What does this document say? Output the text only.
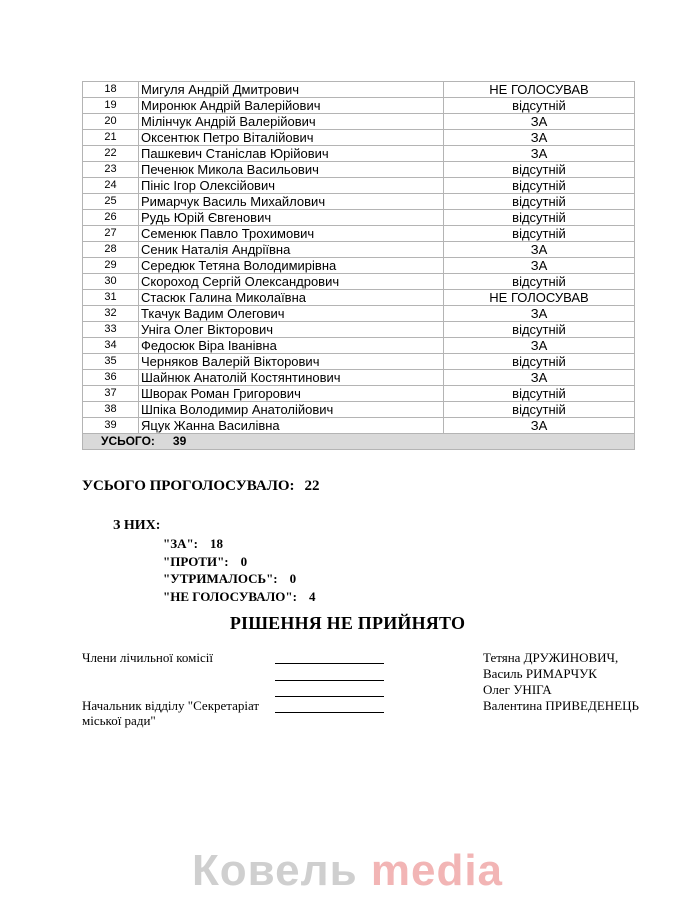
18	Мигуля Андрій Дмитрович	НЕ ГОЛОСУВАВ
19	Миронюк Андрій Валерійович	відсутній
20	Мілінчук Андрій Валерійович	ЗА
21	Оксентюк Петро Віталійович	ЗА
22	Пашкевич Станіслав Юрійович	ЗА
23	Печенюк Микола Васильович	відсутній
24	Пініс Ігор Олексійович	відсутній
25	Римарчук Василь Михайлович	відсутній
26	Рудь Юрій Євгенович	відсутній
27	Семенюк Павло Трохимович	відсутній
28	Сеник Наталія Андріївна	ЗА
29	Середюк Тетяна Володимирівна	ЗА
30	Скороход Сергій Олександрович	відсутній
31	Стасюк Галина Миколаївна	НЕ ГОЛОСУВАВ
32	Ткачук Вадим Олегович	ЗА
33	Уніга Олег Вікторович	відсутній
34	Федосюк Віра Іванівна	ЗА
35	Черняков Валерій Вікторович	відсутній
36	Шайнюк Анатолій Костянтинович	ЗА
37	Шворак Роман Григорович	відсутній
38	Шпіка Володимир Анатолійович	відсутній
39	Яцук Жанна Василівна	ЗА
УСЬОГО: 39		
УСЬОГО ПРОГОЛОСУВАЛО: 22
З НИХ:
"ЗА": 18
"ПРОТИ": 0
"УТРИМАЛОСЬ": 0
"НЕ ГОЛОСУВАЛО": 4
РІШЕННЯ НЕ ПРИЙНЯТО
Члени лічильної комісії
Начальник відділу "Секретаріат
міської ради"
Тетяна ДРУЖИНОВИЧ,
Василь РИМАРЧУК
Олег УНІГА
Валентина ПРИВЕДЕНЕЦЬ
Ковель media
